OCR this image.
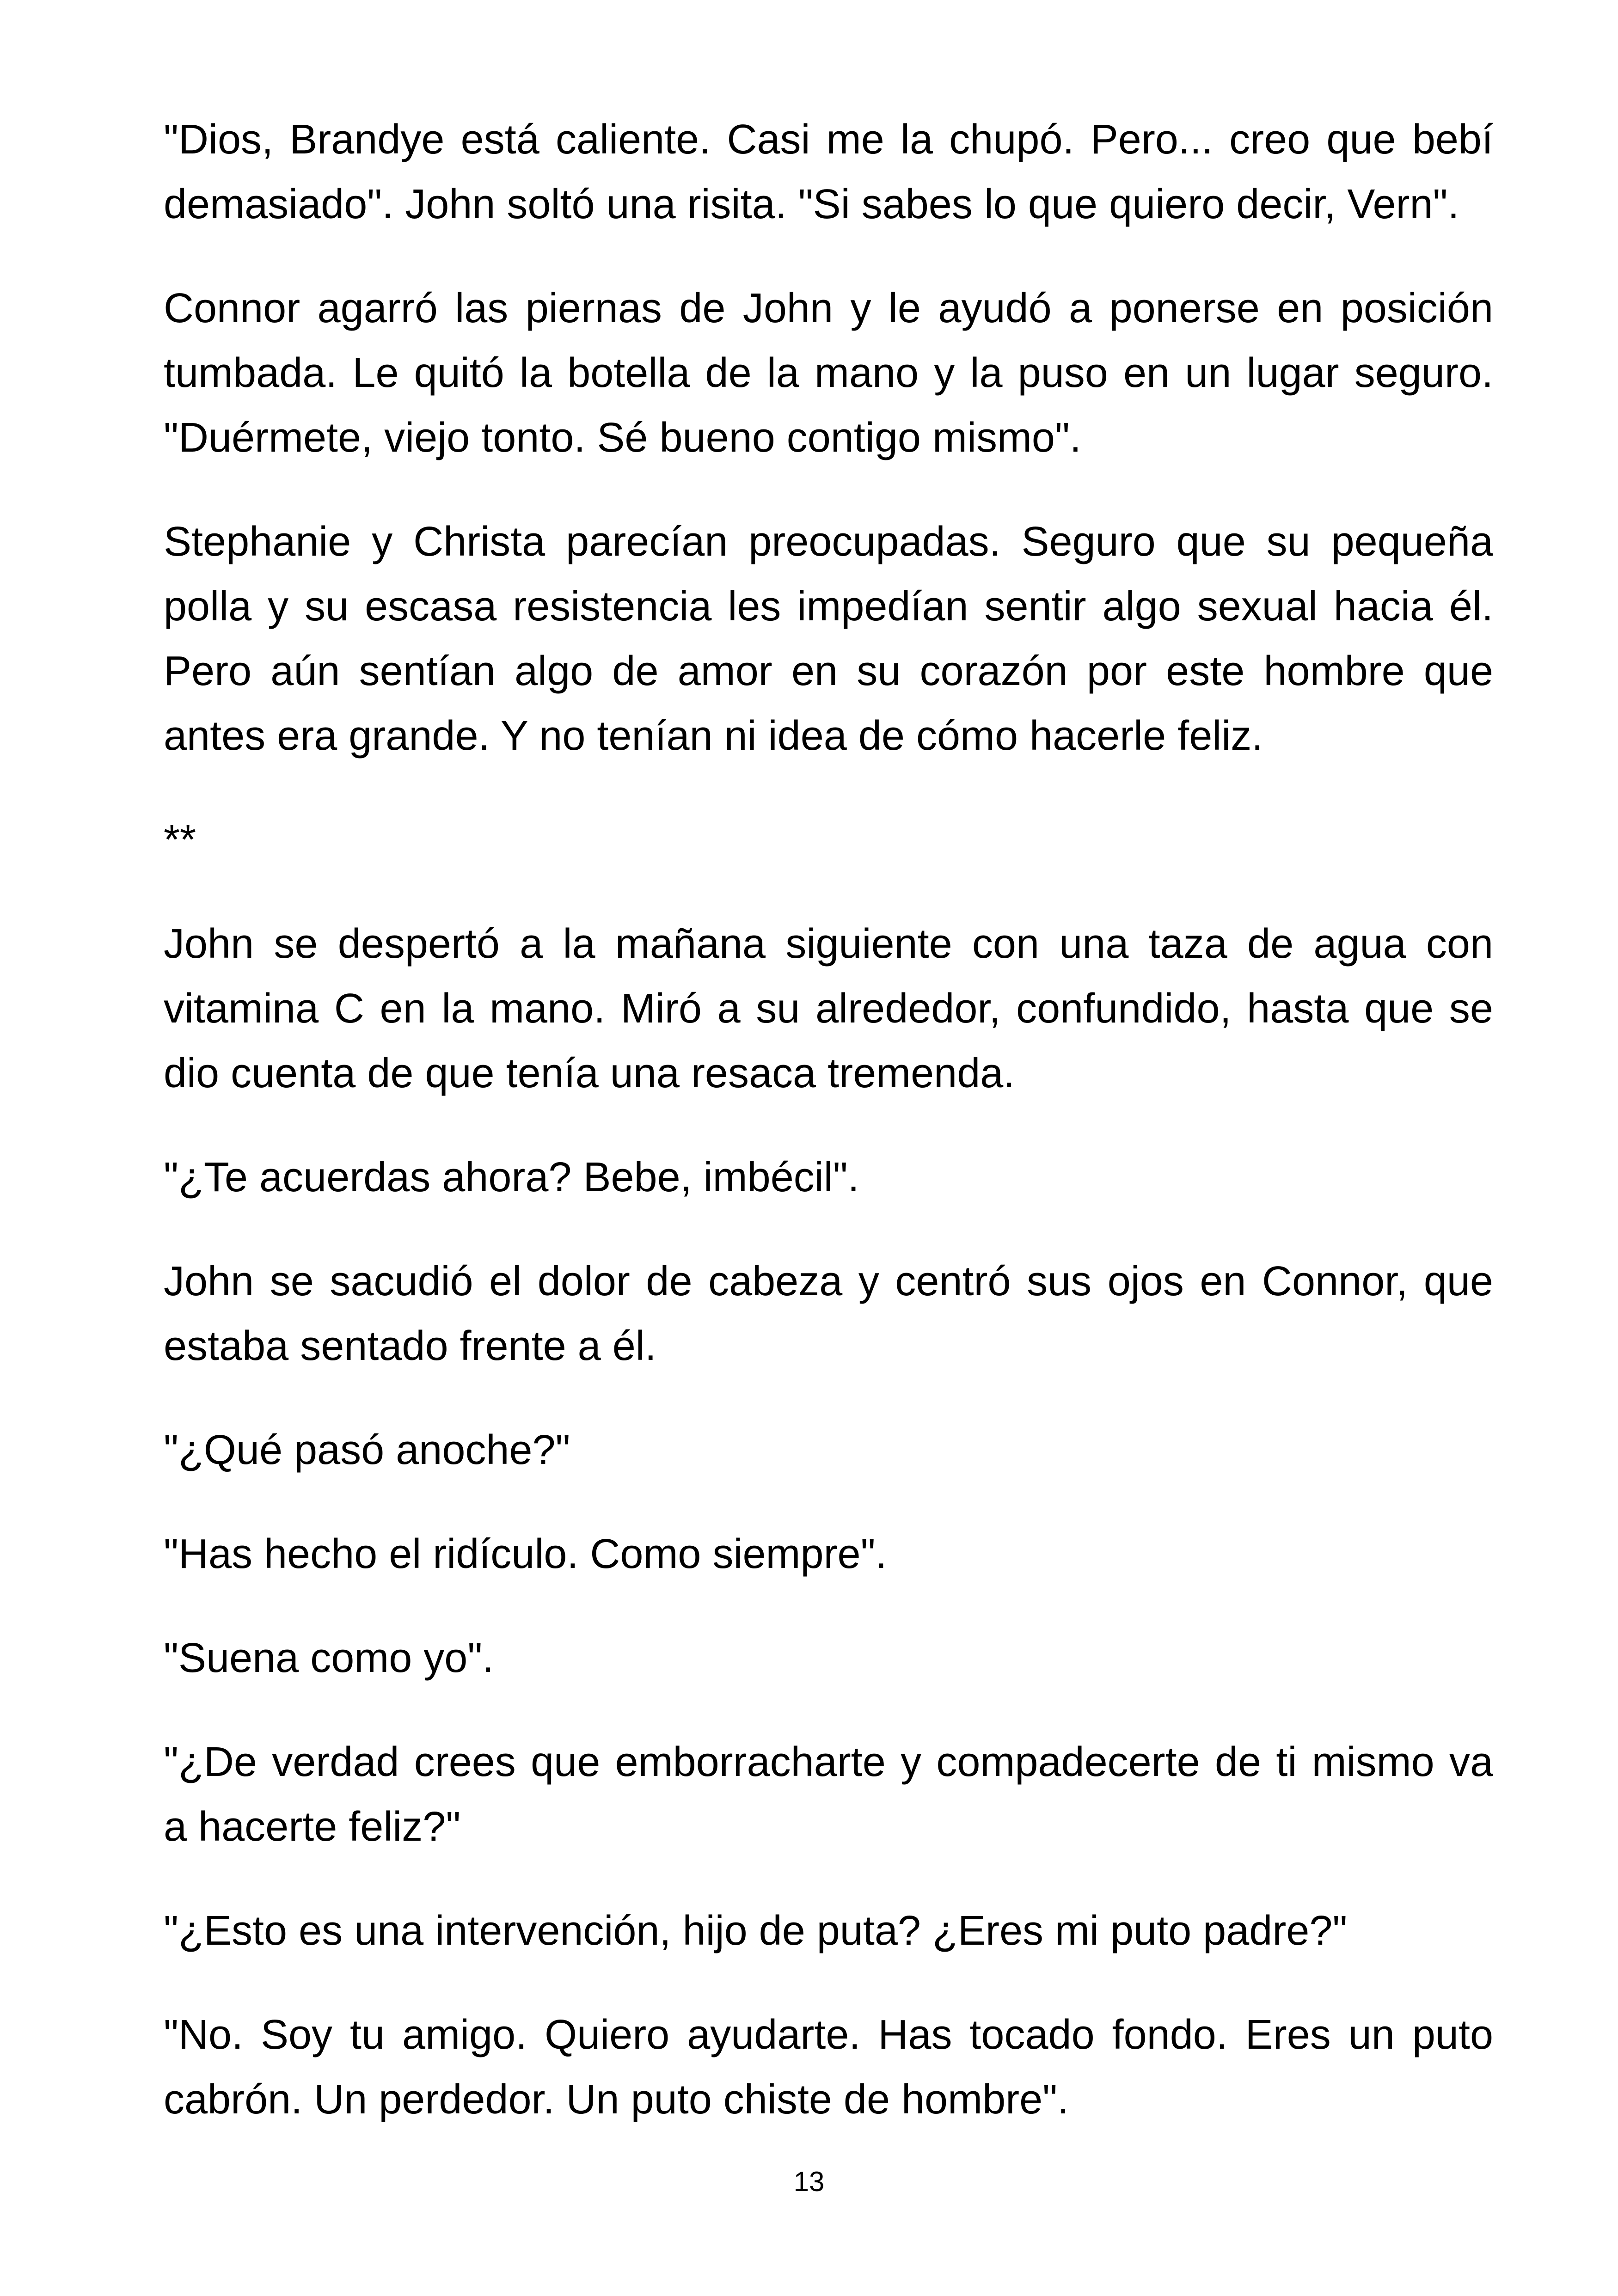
"Dios, Brandye está caliente. Casi me la chupó. Pero... creo que bebí demasiado". John soltó una risita. "Si sabes lo que quiero decir, Vern".

Connor agarró las piernas de John y le ayudó a ponerse en posición tumbada. Le quitó la botella de la mano y la puso en un lugar seguro. "Duérmete, viejo tonto. Sé bueno contigo mismo".

Stephanie y Christa parecían preocupadas. Seguro que su pequeña polla y su escasa resistencia les impedían sentir algo sexual hacia él. Pero aún sentían algo de amor en su corazón por este hombre que antes era grande. Y no tenían ni idea de cómo hacerle feliz.

**

John se despertó a la mañana siguiente con una taza de agua con vitamina C en la mano. Miró a su alrededor, confundido, hasta que se dio cuenta de que tenía una resaca tremenda.

"¿Te acuerdas ahora? Bebe, imbécil".

John se sacudió el dolor de cabeza y centró sus ojos en Connor, que estaba sentado frente a él.

"¿Qué pasó anoche?"

"Has hecho el ridículo. Como siempre".

"Suena como yo".

"¿De verdad crees que emborracharte y compadecerte de ti mismo va a hacerte feliz?"

"¿Esto es una intervención, hijo de puta? ¿Eres mi puto padre?"

"No. Soy tu amigo. Quiero ayudarte. Has tocado fondo. Eres un puto cabrón. Un perdedor. Un puto chiste de hombre".

13
